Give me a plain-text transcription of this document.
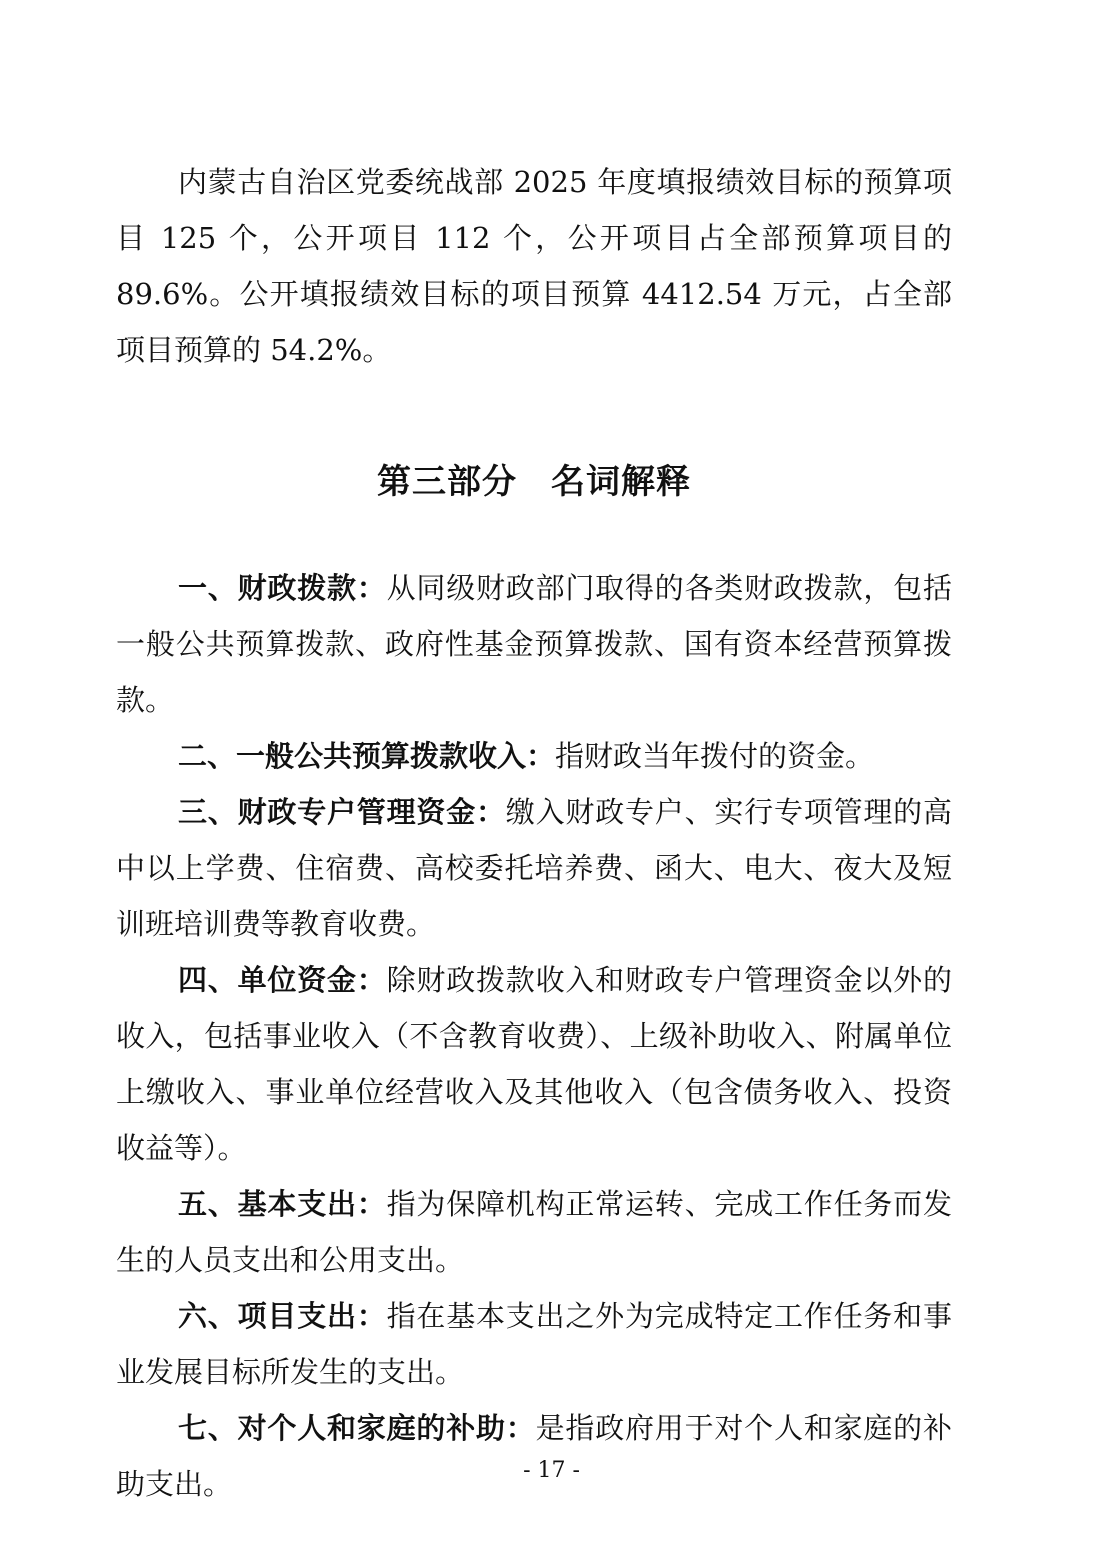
内蒙古自治区党委统战部 2025 年度填报绩效目标的预算项目 125 个，公开项目 112 个，公开项目占全部预算项目的 89.6%。公开填报绩效目标的项目预算 4412.54 万元，占全部项目预算的 54.2%。

第三部分 名词解释

一、财政拨款：从同级财政部门取得的各类财政拨款，包括一般公共预算拨款、政府性基金预算拨款、国有资本经营预算拨款。

二、一般公共预算拨款收入：指财政当年拨付的资金。

三、财政专户管理资金：缴入财政专户、实行专项管理的高中以上学费、住宿费、高校委托培养费、函大、电大、夜大及短训班培训费等教育收费。

四、单位资金：除财政拨款收入和财政专户管理资金以外的收入，包括事业收入（不含教育收费）、上级补助收入、附属单位上缴收入、事业单位经营收入及其他收入（包含债务收入、投资收益等）。

五、基本支出：指为保障机构正常运转、完成工作任务而发生的人员支出和公用支出。

六、项目支出：指在基本支出之外为完成特定工作任务和事业发展目标所发生的支出。

七、对个人和家庭的补助：是指政府用于对个人和家庭的补助支出。	- 17 -
